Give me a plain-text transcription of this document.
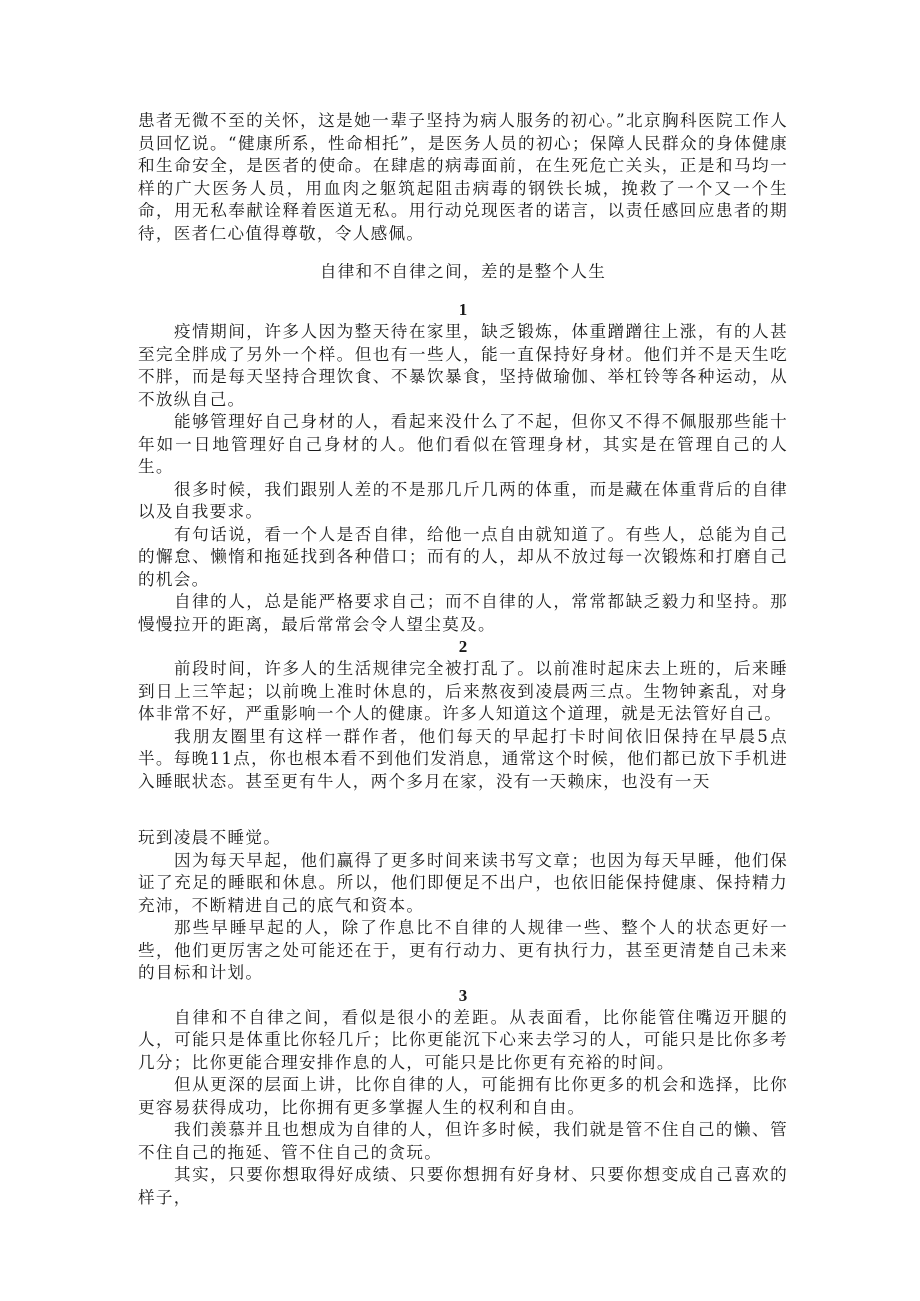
患者无微不至的关怀，这是她一辈子坚持为病人服务的初心。”北京胸科医院工作人员回忆说。“健康所系，性命相托”，是医务人员的初心；保障人民群众的身体健康和生命安全，是医者的使命。在肆虐的病毒面前，在生死危亡关头，正是和马均一样的广大医务人员，用血肉之躯筑起阻击病毒的钢铁长城，挽救了一个又一个生命，用无私奉献诠释着医道无私。用行动兑现医者的诺言，以责任感回应患者的期待，医者仁心值得尊敬，令人感佩。

自律和不自律之间，差的是整个人生

1

疫情期间，许多人因为整天待在家里，缺乏锻炼，体重蹭蹭往上涨，有的人甚至完全胖成了另外一个样。但也有一些人，能一直保持好身材。他们并不是天生吃不胖，而是每天坚持合理饮食、不暴饮暴食，坚持做瑜伽、举杠铃等各种运动，从不放纵自己。

能够管理好自己身材的人，看起来没什么了不起，但你又不得不佩服那些能十年如一日地管理好自己身材的人。他们看似在管理身材，其实是在管理自己的人生。

很多时候，我们跟别人差的不是那几斤几两的体重，而是藏在体重背后的自律以及自我要求。

有句话说，看一个人是否自律，给他一点自由就知道了。有些人，总能为自己的懈怠、懒惰和拖延找到各种借口；而有的人，却从不放过每一次锻炼和打磨自己的机会。

自律的人，总是能严格要求自己；而不自律的人，常常都缺乏毅力和坚持。那慢慢拉开的距离，最后常常会令人望尘莫及。

2

前段时间，许多人的生活规律完全被打乱了。以前准时起床去上班的，后来睡到日上三竿起；以前晚上准时休息的，后来熬夜到凌晨两三点。生物钟紊乱，对身体非常不好，严重影响一个人的健康。许多人知道这个道理，就是无法管好自己。

我朋友圈里有这样一群作者，他们每天的早起打卡时间依旧保持在早晨5点半。每晚11点，你也根本看不到他们发消息，通常这个时候，他们都已放下手机进入睡眠状态。甚至更有牛人，两个多月在家，没有一天赖床，也没有一天

玩到凌晨不睡觉。

因为每天早起，他们赢得了更多时间来读书写文章；也因为每天早睡，他们保证了充足的睡眠和休息。所以，他们即便足不出户，也依旧能保持健康、保持精力充沛，不断精进自己的底气和资本。

那些早睡早起的人，除了作息比不自律的人规律一些、整个人的状态更好一些，他们更厉害之处可能还在于，更有行动力、更有执行力，甚至更清楚自己未来的目标和计划。

3

自律和不自律之间，看似是很小的差距。从表面看，比你能管住嘴迈开腿的人，可能只是体重比你轻几斤；比你更能沉下心来去学习的人，可能只是比你多考几分；比你更能合理安排作息的人，可能只是比你更有充裕的时间。

但从更深的层面上讲，比你自律的人，可能拥有比你更多的机会和选择，比你更容易获得成功，比你拥有更多掌握人生的权利和自由。

我们羡慕并且也想成为自律的人，但许多时候，我们就是管不住自己的懒、管不住自己的拖延、管不住自己的贪玩。

其实，只要你想取得好成绩、只要你想拥有好身材、只要你想变成自己喜欢的样子，
